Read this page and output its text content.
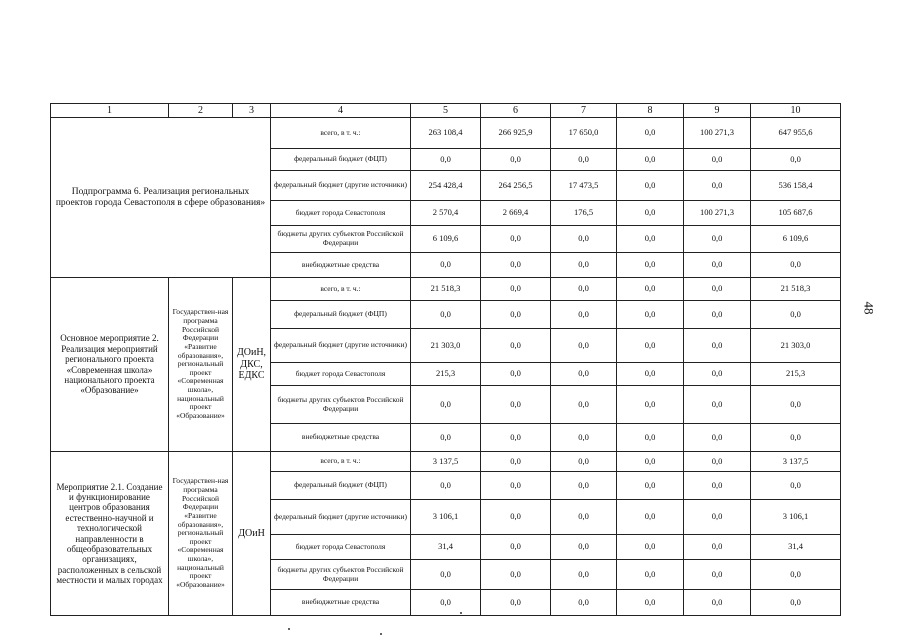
48
1	2	3	4	5	6	7	8	9	10
Подпрограмма 6. Реализация региональных проектов города Севастополя в сфере образования»			всего, в т. ч.:	263 108,4	266 925,9	17 650,0	0,0	100 271,3	647 955,6
			федеральный бюджет (ФЦП)	0,0	0,0	0,0	0,0	0,0	0,0
			федеральный бюджет (другие источники)	254 428,4	264 256,5	17 473,5	0,0	0,0	536 158,4
			бюджет города Севастополя	2 570,4	2 669,4	176,5	0,0	100 271,3	105 687,6
			бюджеты других субъектов Российской Федерации	6 109,6	0,0	0,0	0,0	0,0	6 109,6
			внебюджетные средства	0,0	0,0	0,0	0,0	0,0	0,0
Основное мероприятие 2. Реализация мероприятий регионального проекта «Современная школа» национального проекта «Образование»	Государствен-ная программа Российской Федерации «Развитие образования», региональный проект «Современная школа», национальный проект «Образование»	ДОиН, ДКС, ЕДКС	всего, в т. ч.:	21 518,3	0,0	0,0	0,0	0,0	21 518,3
			федеральный бюджет (ФЦП)	0,0	0,0	0,0	0,0	0,0	0,0
			федеральный бюджет (другие источники)	21 303,0	0,0	0,0	0,0	0,0	21 303,0
			бюджет города Севастополя	215,3	0,0	0,0	0,0	0,0	215,3
			бюджеты других субъектов Российской Федерации	0,0	0,0	0,0	0,0	0,0	0,0
			внебюджетные средства	0,0	0,0	0,0	0,0	0,0	0,0
Мероприятие 2.1. Создание и функционирование центров образования естественно-научной и технологической направленности в общеобразовательных организациях, расположенных в сельской местности и малых городах	Государствен-ная программа Российской Федерации «Развитие образования», региональный проект «Современная школа», национальный проект «Образование»	ДОиН	всего, в т. ч.:	3 137,5	0,0	0,0	0,0	0,0	3 137,5
			федеральный бюджет (ФЦП)	0,0	0,0	0,0	0,0	0,0	0,0
			федеральный бюджет (другие источники)	3 106,1	0,0	0,0	0,0	0,0	3 106,1
			бюджет города Севастополя	31,4	0,0	0,0	0,0	0,0	31,4
			бюджеты других субъектов Российской Федерации	0,0	0,0	0,0	0,0	0,0	0,0
			внебюджетные средства	0,0	0,0	0,0	0,0	0,0	0,0
